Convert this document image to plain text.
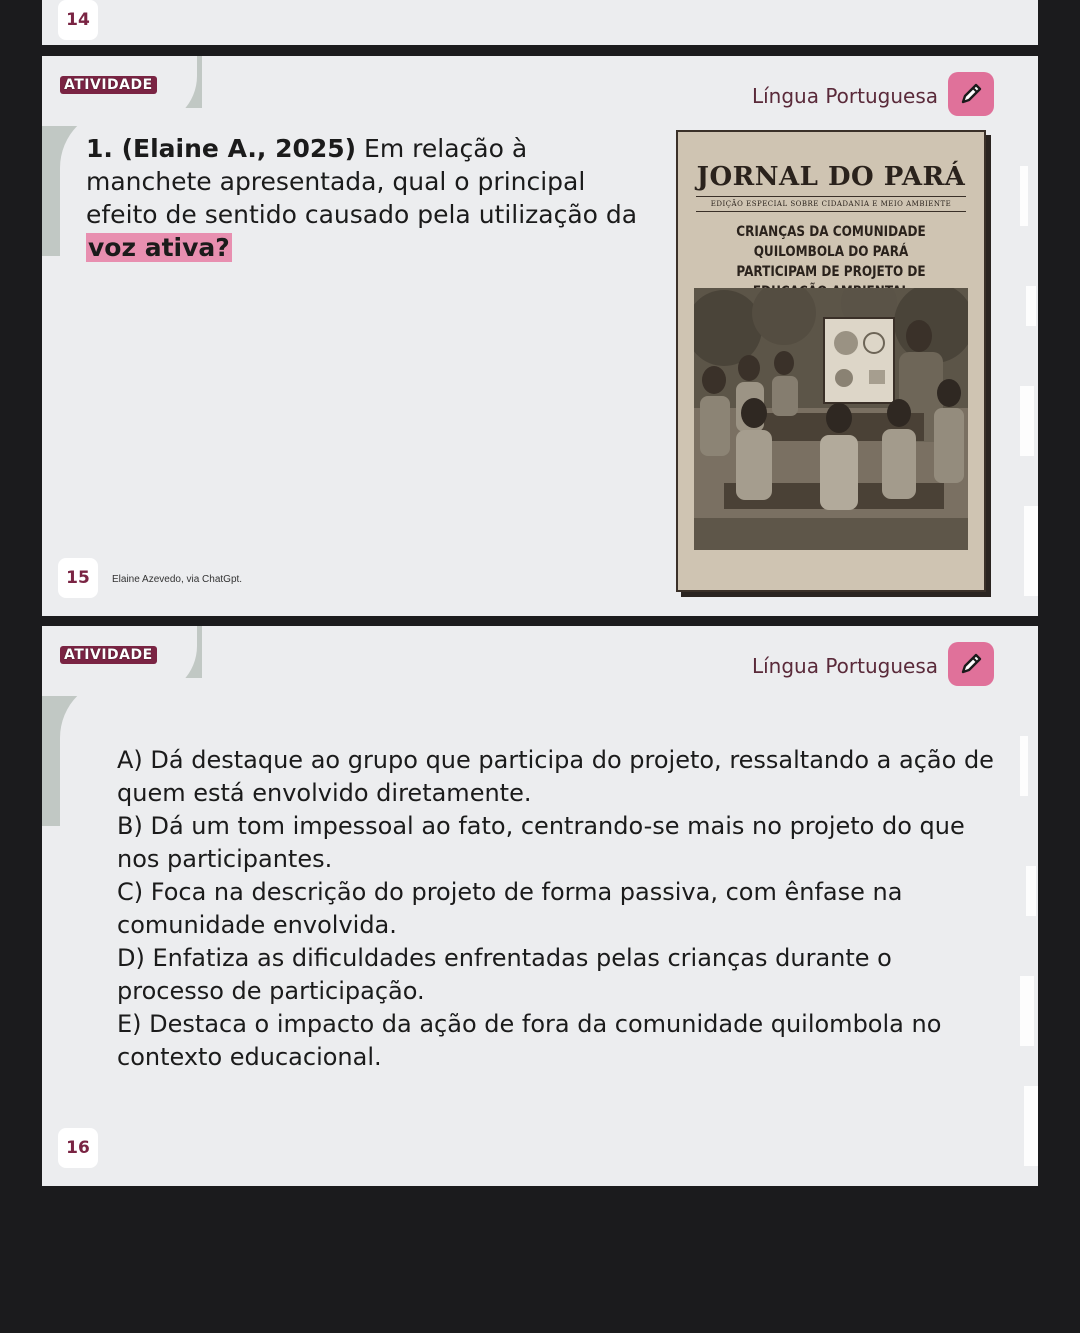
14
ATIVIDADE	Língua Portuguesa
1. (Elaine A., 2025) Em relação à manchete apresentada, qual o principal efeito de sentido causado pela utilização da voz ativa?
JORNAL DO PARÁ
EDIÇÃO ESPECIAL SOBRE CIDADANIA E MEIO AMBIENTE
CRIANÇAS DA COMUNIDADE QUILOMBOLA DO PARÁ PARTICIPAM DE PROJETO DE
15	Elaine Azevedo, via ChatGpt.
ATIVIDADE	Língua Portuguesa

A) Dá destaque ao grupo que participa do projeto, ressaltando a ação de quem está envolvido diretamente.

B) Dá um tom impessoal ao fato, centrando-se mais no projeto do que nos participantes.

C) Foca na descrição do projeto de forma passiva, com ênfase na comunidade envolvida.

D) Enfatiza as dificuldades enfrentadas pelas crianças durante o processo de participação.

E) Destaca o impacto da ação de fora da comunidade quilombola no contexto educacional.

16
